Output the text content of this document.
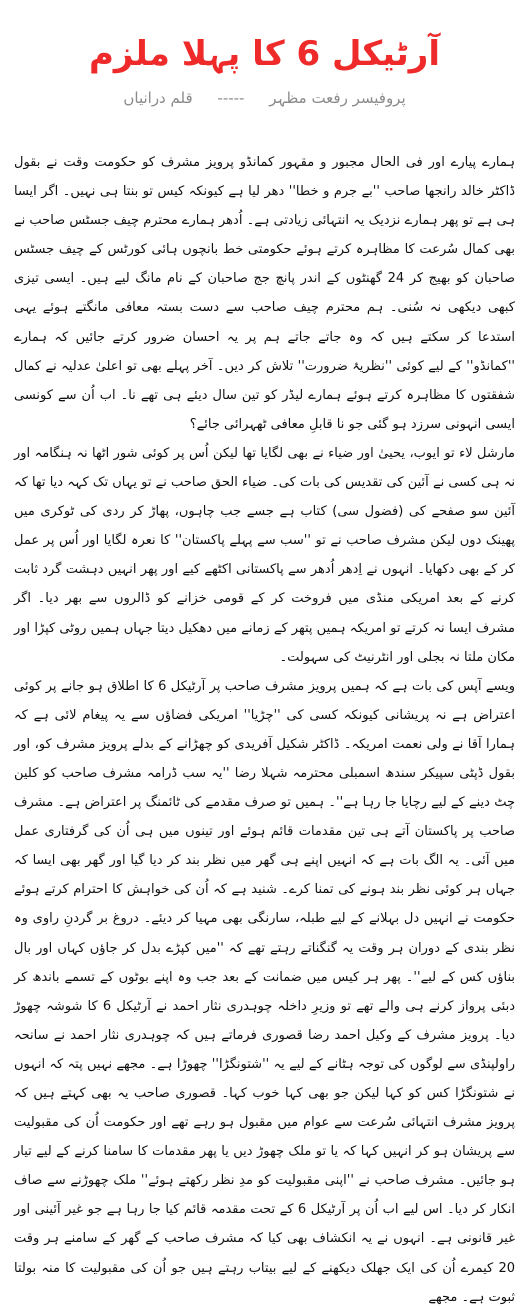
آرٹیکل 6 کا پہلا ملزم
پروفیسر رفعت مظہر ----- قلم درانیاں

ہمارے پیارے اور فی الحال مجبور و مقہور کمانڈو پرویز مشرف کو حکومت وقت نے بقول ڈاکٹر خالد رانجھا صاحب ''بے جرم و خطا'' دھر لیا ہے کیونکہ کیس تو بنتا ہی نہیں۔ اگر ایسا ہی ہے تو پھر ہمارے نزدیک یہ انتہائی زیادتی ہے۔ اُدھر ہمارے محترم چیف جسٹس صاحب نے بھی کمال سُرعت کا مظاہرہ کرتے ہوئے حکومتی خط بانچوں ہائی کورٹس کے چیف جسٹس صاحبان کو بھیج کر 24 گھنٹوں کے اندر پانچ جج صاحبان کے نام مانگ لیے ہیں۔ ایسی تیزی کبھی دیکھی نہ سُنی۔ ہم محترم چیف صاحب سے دست بستہ معافی مانگتے ہوئے یہی استدعا کر سکتے ہیں کہ وہ جاتے جاتے ہم پر یہ احسان ضرور کرتے جائیں کہ ہمارے ''کمانڈو'' کے لیے کوئی ''نظریۂ ضرورت'' تلاش کر دیں۔ آخر پہلے بھی تو اعلیٰ عدلیہ نے کمال شفقتوں کا مظاہرہ کرتے ہوئے ہمارے لیڈر کو تین سال دیئے ہی تھے نا۔ اب اُن سے کونسی ایسی انہونی سرزد ہو گئی جو نا قابلِ معافی ٹھہرائی جائے؟

مارشل لاء تو ایوب، یحییٰ اور ضیاء نے بھی لگایا تھا لیکن اُس پر کوئی شور اٹھا نہ ہنگامہ اور نہ ہی کسی نے آئین کی تقدیس کی بات کی۔ ضیاء الحق صاحب نے تو یہاں تک کہہ دیا تھا کہ آئین سو صفحے کی (فضول سی) کتاب ہے جسے جب چاہوں، پھاڑ کر ردی کی ٹوکری میں پھینک دوں لیکن مشرف صاحب نے تو ''سب سے پہلے پاکستان'' کا نعرہ لگایا اور اُس پر عمل کر کے بھی دکھایا۔ انہوں نے اِدھر اُدھر سے پاکستانی اکٹھے کیے اور پھر انہیں دہشت گرد ثابت کرنے کے بعد امریکی منڈی میں فروخت کر کے قومی خزانے کو ڈالروں سے بھر دیا۔ اگر مشرف ایسا نہ کرتے تو امریکہ ہمیں پتھر کے زمانے میں دھکیل دیتا جہاں ہمیں روٹی کپڑا اور مکان ملتا نہ بجلی اور انٹرنیٹ کی سہولت۔

ویسے آپس کی بات ہے کہ ہمیں پرویز مشرف صاحب پر آرٹیکل 6 کا اطلاق ہو جانے پر کوئی اعتراض ہے نہ پریشانی کیونکہ کسی کی ''چڑیا'' امریکی فضاؤں سے یہ پیغام لائی ہے کہ ہمارا آقا نے ولی نعمت امریکہ۔ ڈاکٹر شکیل آفریدی کو چھڑانے کے بدلے پرویز مشرف کو، اور بقول ڈپٹی سپیکر سندھ اسمبلی محترمہ شہلا رضا ''یہ سب ڈرامہ مشرف صاحب کو کلین چٹ دینے کے لیے رچایا جا رہا ہے''۔ ہمیں تو صرف مقدمے کی ٹائمنگ پر اعتراض ہے۔ مشرف صاحب پر پاکستان آتے ہی تین مقدمات قائم ہوئے اور تینوں میں ہی اُن کی گرفتاری عمل میں آئی۔ یہ الگ بات ہے کہ انہیں اپنے ہی گھر میں نظر بند کر دیا گیا اور گھر بھی ایسا کہ جہاں ہر کوئی نظر بند ہونے کی تمنا کرے۔ شنید ہے کہ اُن کی خواہش کا احترام کرتے ہوئے حکومت نے انہیں دل بہلانے کے لیے طبلہ، سارنگی بھی مہیا کر دیئے۔ دروغ بر گردنِ راوی وہ نظر بندی کے دوران ہر وقت یہ گنگناتے رہتے تھے کہ ''میں کپڑے بدل کر جاؤں کہاں اور بال بناؤں کس کے لیے''۔ پھر ہر کیس میں ضمانت کے بعد جب وہ اپنے بوٹوں کے تسمے باندھ کر دبئی پرواز کرنے ہی والے تھے تو وزیرِ داخلہ چوہدری نثار احمد نے آرٹیکل 6 کا شوشہ چھوڑ دیا۔ پرویز مشرف کے وکیل احمد رضا قصوری فرماتے ہیں کہ چوہدری نثار احمد نے سانحہ راولپنڈی سے لوگوں کی توجہ ہٹانے کے لیے یہ ''شتونگڑا'' چھوڑا ہے۔ مجھے نہیں پتہ کہ انہوں نے شتونگڑا کس کو کہا لیکن جو بھی کہا خوب کہا۔ قصوری صاحب یہ بھی کہتے ہیں کہ پرویز مشرف انتہائی سُرعت سے عوام میں مقبول ہو رہے تھے اور حکومت اُن کی مقبولیت سے پریشان ہو کر انہیں کہا کہ یا تو ملک چھوڑ دیں یا پھر مقدمات کا سامنا کرنے کے لیے تیار ہو جائیں۔ مشرف صاحب نے ''اپنی مقبولیت کو مدِ نظر رکھتے ہوئے'' ملک چھوڑنے سے صاف انکار کر دیا۔ اس لیے اب اُن پر آرٹیکل 6 کے تحت مقدمہ قائم کیا جا رہا ہے جو غیر آئینی اور غیر قانونی ہے۔ انہوں نے یہ انکشاف بھی کیا کہ مشرف صاحب کے گھر کے سامنے ہر وقت 20 کیمرے اُن کی ایک جھلک دیکھنے کے لیے بیتاب رہتے ہیں جو اُن کی مقبولیت کا منہ بولتا ثبوت ہے۔ مجھے
